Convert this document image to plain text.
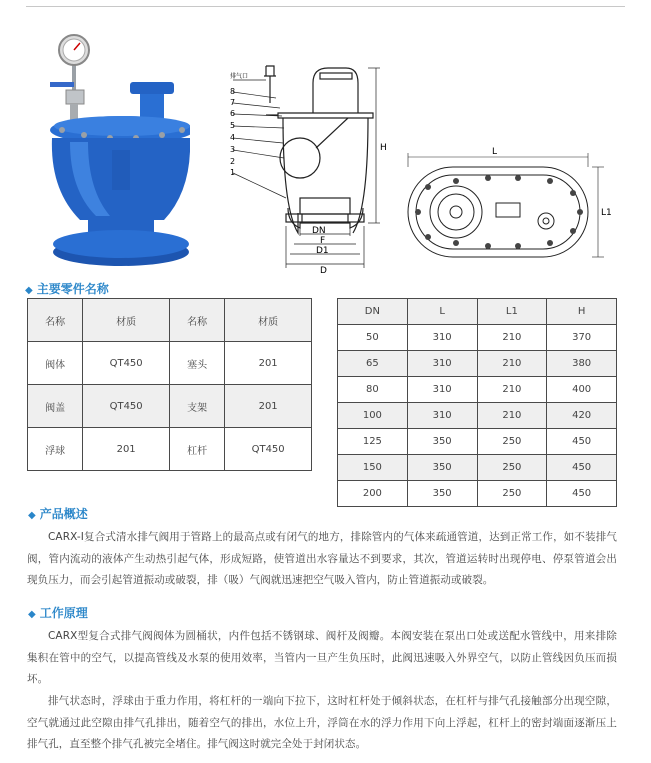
排气口
8
7
6
5
4
3
2
1
H
DN
F
D1
D
L
L1
◆ 主要零件名称
名称	材质	名称	材质
阀体	QT450	塞头	201
阀盖	QT450	支架	201
浮球	201	杠杆	QT450
DN	L	L1	H
50	310	210	370
65	310	210	380
80	310	210	400
100	310	210	420
125	350	250	450
150	350	250	450
200	350	250	450
◆ 产品概述

CARX-I复合式清水排气阀用于管路上的最高点或有闭气的地方，排除管内的气体来疏通管道，达到正常工作，如不装排气阀，管内流动的液体产生动热引起气体，形成短路，使管道出水容量达不到要求，其次，管道运转时出现停电、停泵管道会出现负压力，而会引起管道振动或破裂，排（吸）气阀就迅速把空气吸入管内，防止管道振动或破裂。

◆ 工作原理

CARX型复合式排气阀阀体为圆桶状，内件包括不锈钢球、阀杆及阀瓣。本阀安装在泵出口处或送配水管线中，用来排除集积在管中的空气，以提高管线及水泵的使用效率，当管内一旦产生负压时，此阀迅速吸入外界空气，以防止管线因负压而损坏。

排气状态时，浮球由于重力作用，将杠杆的一端向下拉下，这时杠杆处于倾斜状态，在杠杆与排气孔接触部分出现空隙，空气就通过此空隙由排气孔排出，随着空气的排出，水位上升，浮筒在水的浮力作用下向上浮起，杠杆上的密封端面逐渐压上排气孔，直至整个排气孔被完全堵住。排气阀这时就完全处于封闭状态。
